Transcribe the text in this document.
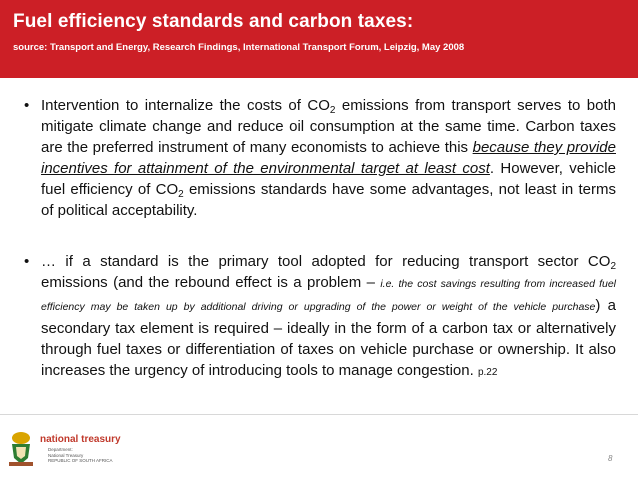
Fuel efficiency standards and carbon taxes:
source: Transport and Energy, Research Findings, International Transport Forum, Leipzig, May 2008
• Intervention to internalize the costs of $CO_2$ emissions from transport serves to both mitigate climate change and reduce oil consumption at the same time. Carbon taxes are the preferred instrument of many economists to achieve this because they provide incentives for attainment of the environmental target at least cost. However, vehicle fuel efficiency of $CO_2$ emissions standards have some advantages, not least in terms of political acceptability.
• … if a standard is the primary tool adopted for reducing transport sector $CO_2$ emissions (and the rebound effect is a problem – i.e. the cost savings resulting from increased fuel efficiency may be taken up by additional driving or upgrading of the power or weight of the vehicle purchase) a secondary tax element is required – ideally in the form of a carbon tax or alternatively through fuel taxes or differentiation of taxes on vehicle purchase or ownership. It also increases the urgency of introducing tools to manage congestion. p.22
national treasury
Department:
National Treasury
REPUBLIC OF SOUTH AFRICA	8
